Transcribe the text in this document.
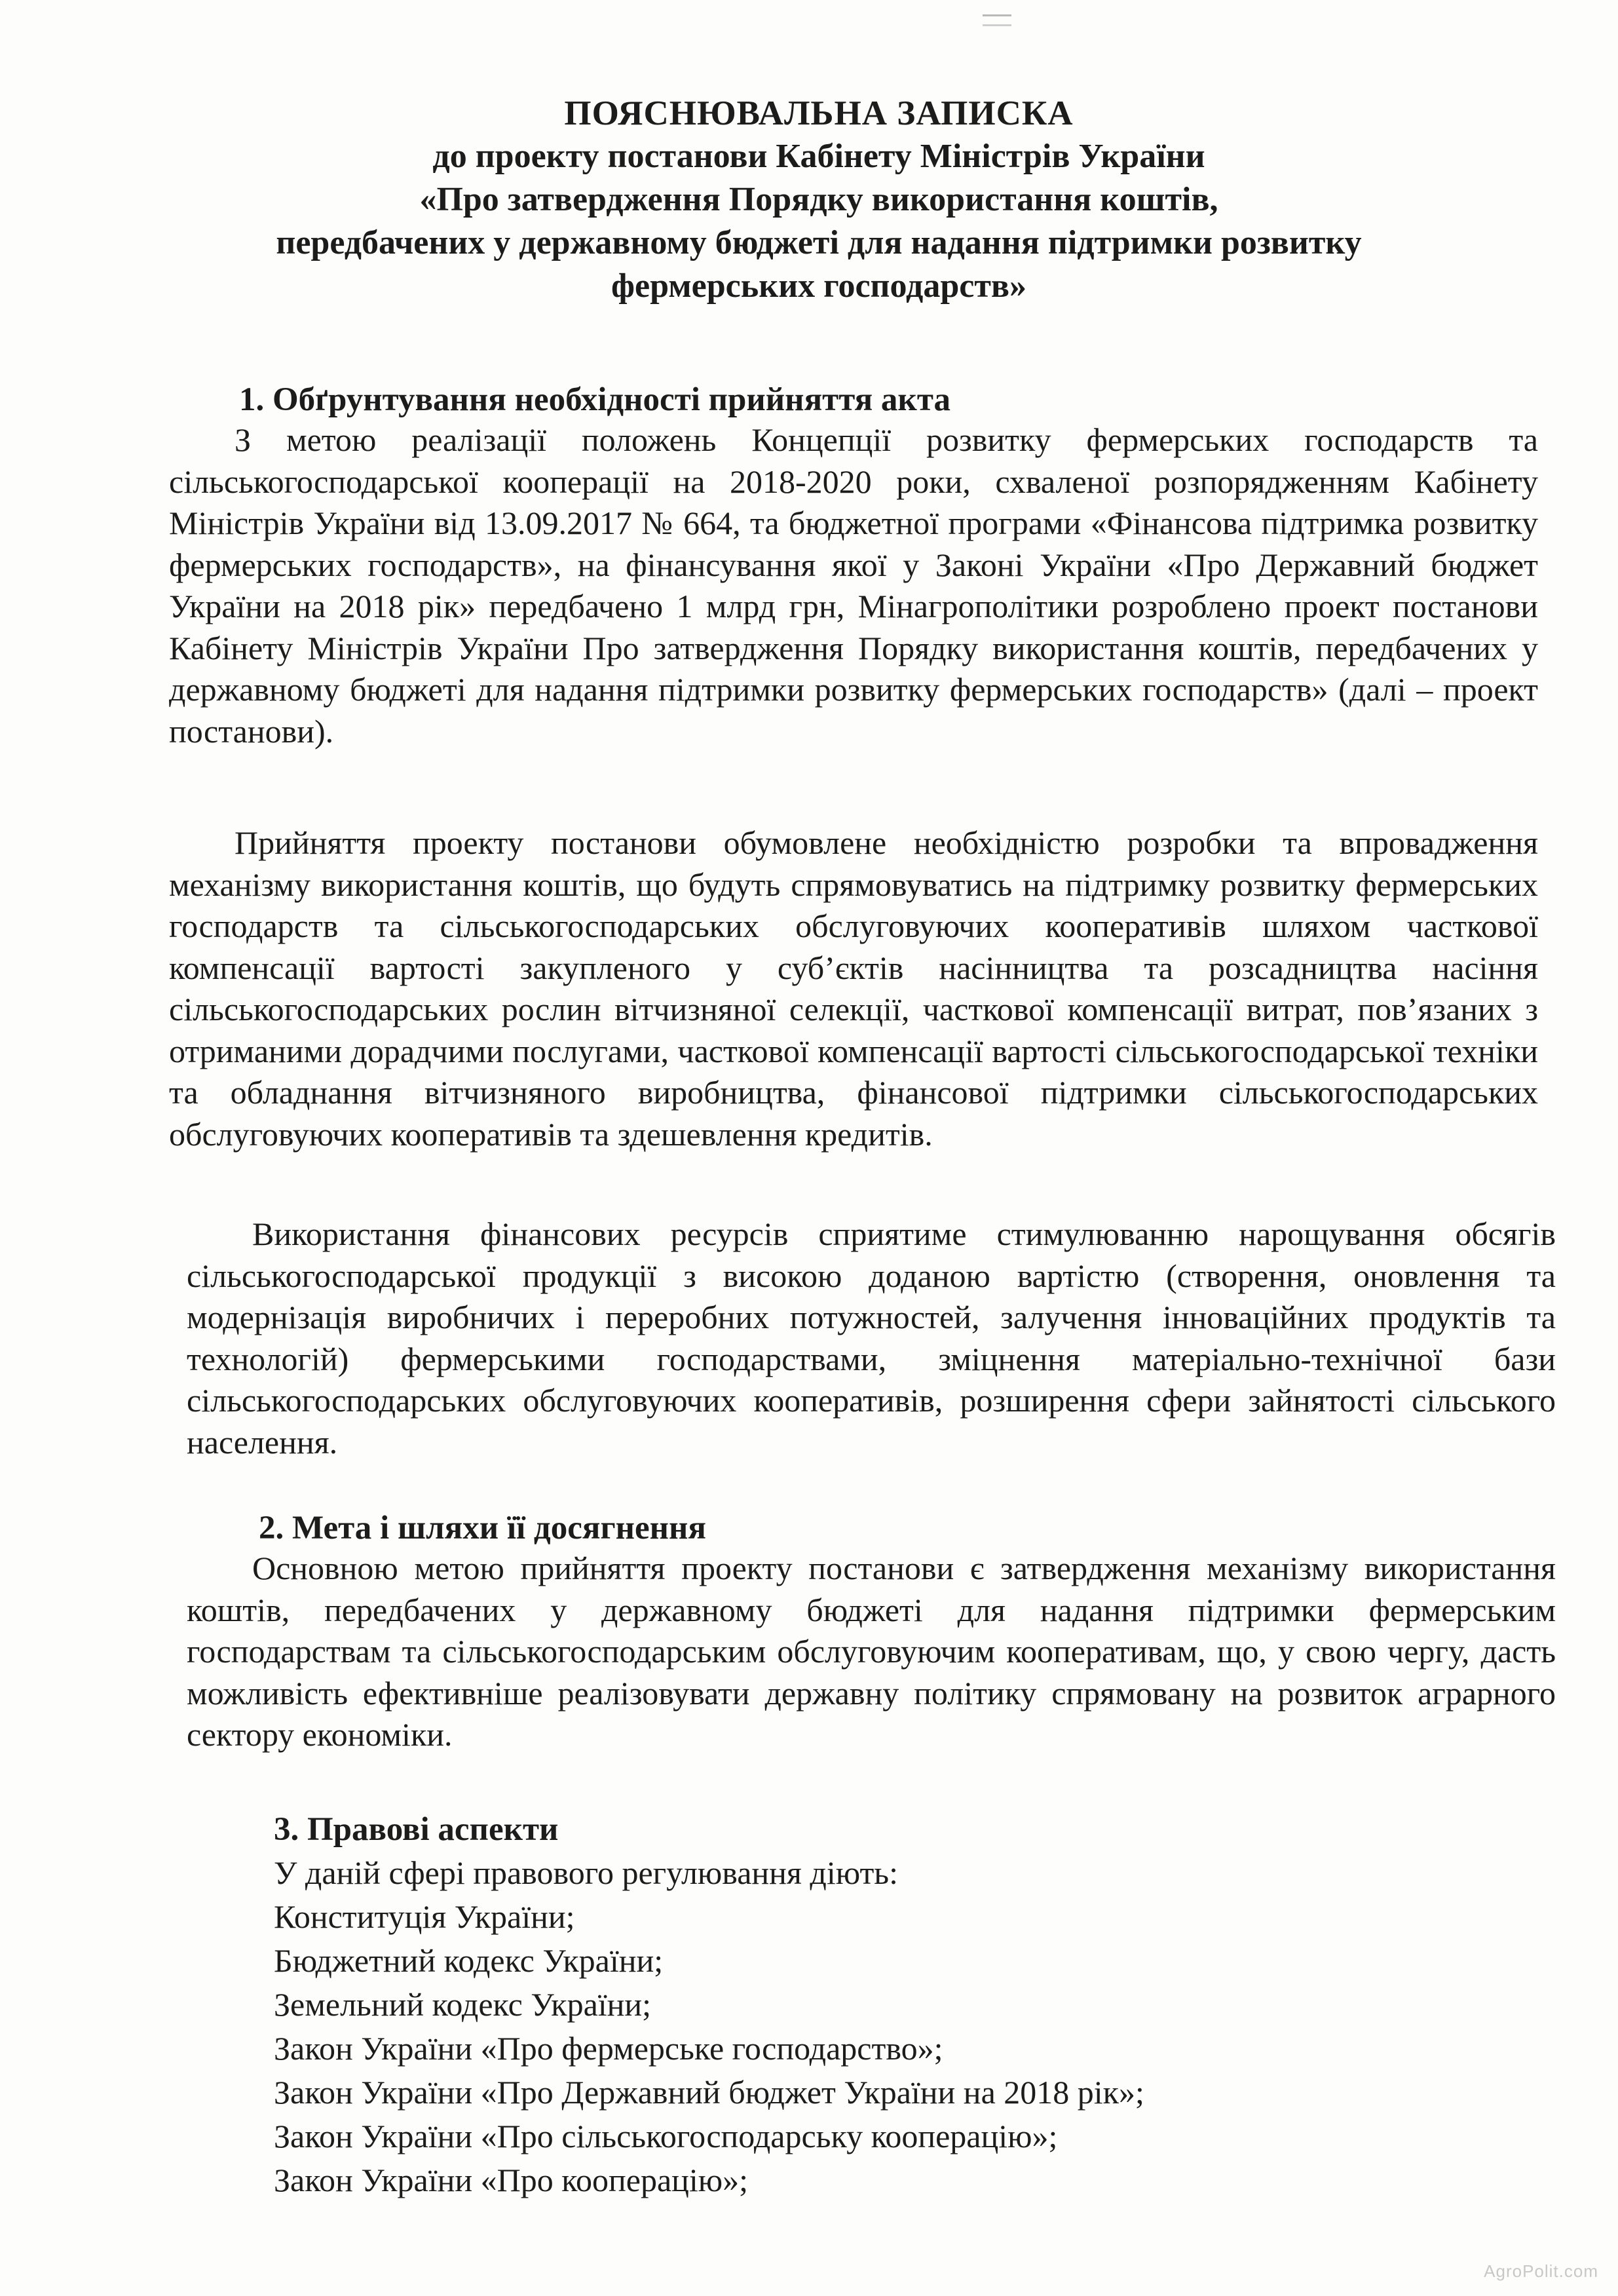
ПОЯСНЮВАЛЬНА ЗАПИСКА
до проекту постанови Кабінету Міністрів України
«Про затвердження Порядку використання коштів,
передбачених у державному бюджеті для надання підтримки розвитку
фермерських господарств»
1. Обґрунтування необхідності прийняття акта
З метою реалізації положень Концепції розвитку фермерських господарств та сільськогосподарської кооперації на 2018-2020 роки, схваленої розпорядженням Кабінету Міністрів України від 13.09.2017 № 664, та бюджетної програми «Фінансова підтримка розвитку фермерських господарств», на фінансування якої у Законі України «Про Державний бюджет України на 2018 рік» передбачено 1 млрд грн, Мінагрополітики розроблено проект постанови Кабінету Міністрів України Про затвердження Порядку використання коштів, передбачених у державному бюджеті для надання підтримки розвитку фермерських господарств» (далі – проект постанови).
Прийняття проекту постанови обумовлене необхідністю розробки та впровадження механізму використання коштів, що будуть спрямовуватись на підтримку розвитку фермерських господарств та сільськогосподарських обслуговуючих кооперативів шляхом часткової компенсації вартості закупленого у суб’єктів насінництва та розсадництва насіння сільськогосподарських рослин вітчизняної селекції, часткової компенсації витрат, пов’язаних з отриманими дорадчими послугами, часткової компенсації вартості сільськогосподарської техніки та обладнання вітчизняного виробництва, фінансової підтримки сільськогосподарських обслуговуючих кооперативів та здешевлення кредитів.
Використання фінансових ресурсів сприятиме стимулюванню нарощування обсягів сільськогосподарської продукції з високою доданою вартістю (створення, оновлення та модернізація виробничих і переробних потужностей, залучення інноваційних продуктів та технологій) фермерськими господарствами, зміцнення матеріально-технічної бази сільськогосподарських обслуговуючих кооперативів, розширення сфери зайнятості сільського населення.
2. Мета і шляхи її досягнення
Основною метою прийняття проекту постанови є затвердження механізму використання коштів, передбачених у державному бюджеті для надання підтримки фермерським господарствам та сільськогосподарським обслуговуючим кооперативам, що, у свою чергу, дасть можливість ефективніше реалізовувати державну політику спрямовану на розвиток аграрного сектору економіки.
3. Правові аспекти
У даній сфері правового регулювання діють:
Конституція України;
Бюджетний кодекс України;
Земельний кодекс України;
Закон України «Про фермерське господарство»;
Закон України «Про Державний бюджет України на 2018 рік»;
Закон України «Про сільськогосподарську кооперацію»;
Закон України «Про кооперацію»;
AgroPolit.com
